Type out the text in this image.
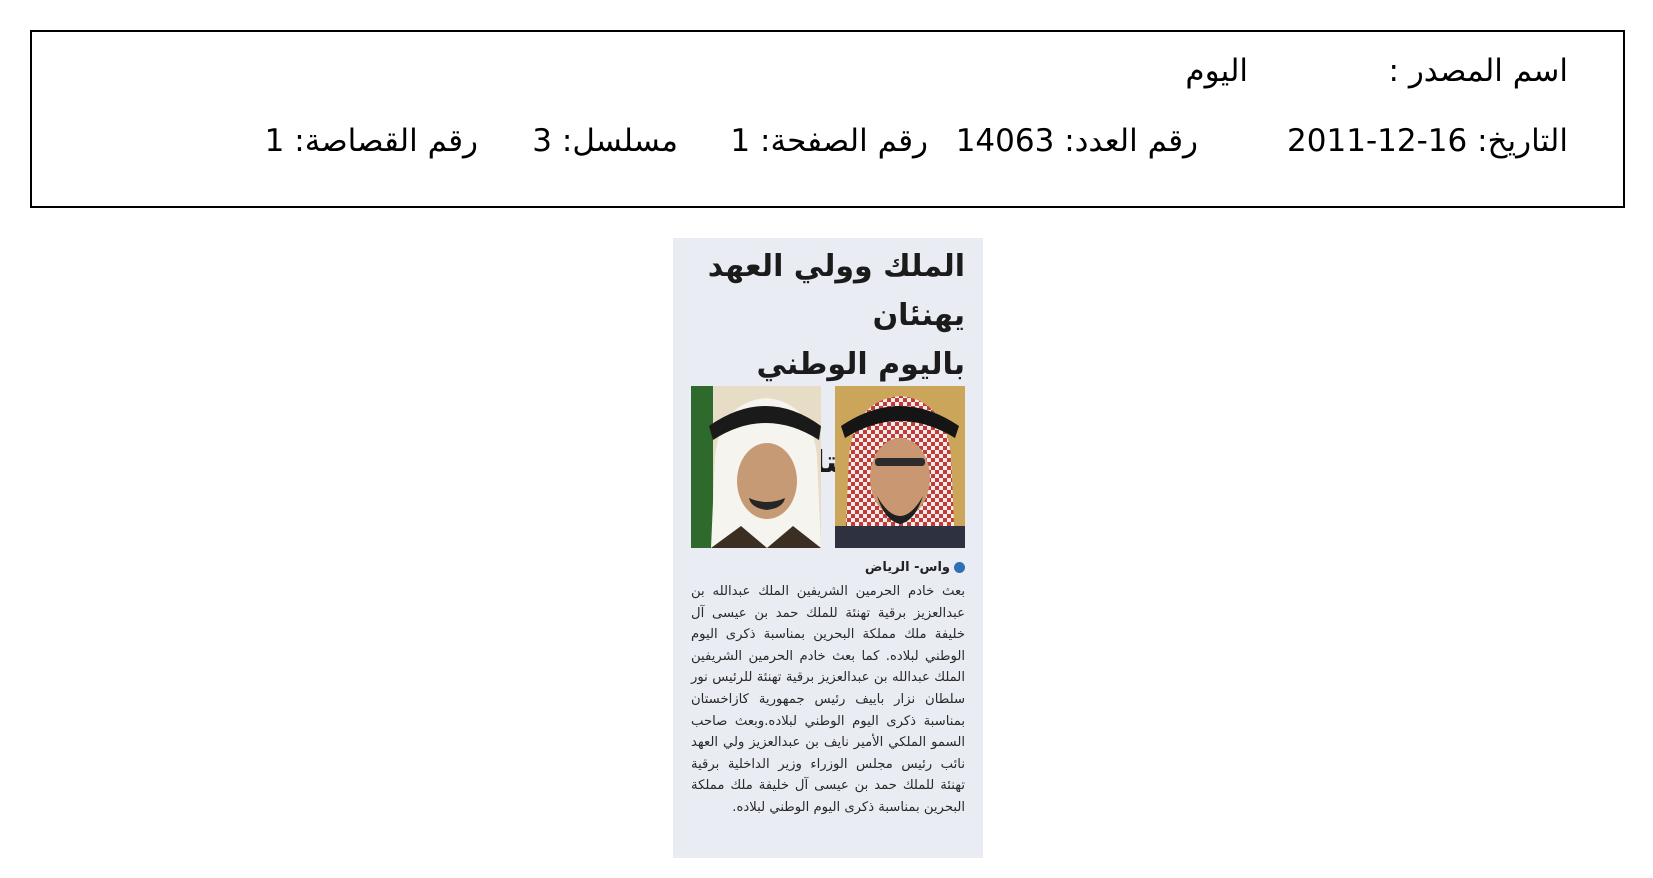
اسم المصدر :
اليوم
التاريخ: 2011-12-16
رقم العدد: 14063
رقم الصفحة: 1
مسلسل: 3
رقم القصاصة: 1
الملك وولي العهد يهنئان
باليوم الوطني
واس- الرياض
بعث خادم الحرمين الشريفين الملك عبدالله بن عبدالعزيز برقية تهنئة للملك حمد بن عيسى آل خليفة ملك مملكة البحرين بمناسبة ذكرى اليوم الوطني لبلاده. كما بعث خادم الحرمين الشريفين الملك عبدالله بن عبدالعزيز برقية تهنئة للرئيس نور سلطان نزار باييف رئيس جمهورية كازاخستان بمناسبة ذكرى اليوم الوطني لبلاده.وبعث صاحب السمو الملكي الأمير نايف بن عبدالعزيز ولي العهد نائب رئيس مجلس الوزراء وزير الداخلية برقية تهنئة للملك حمد بن عيسى آل خليفة ملك مملكة البحرين بمناسبة ذكرى اليوم الوطني لبلاده.
